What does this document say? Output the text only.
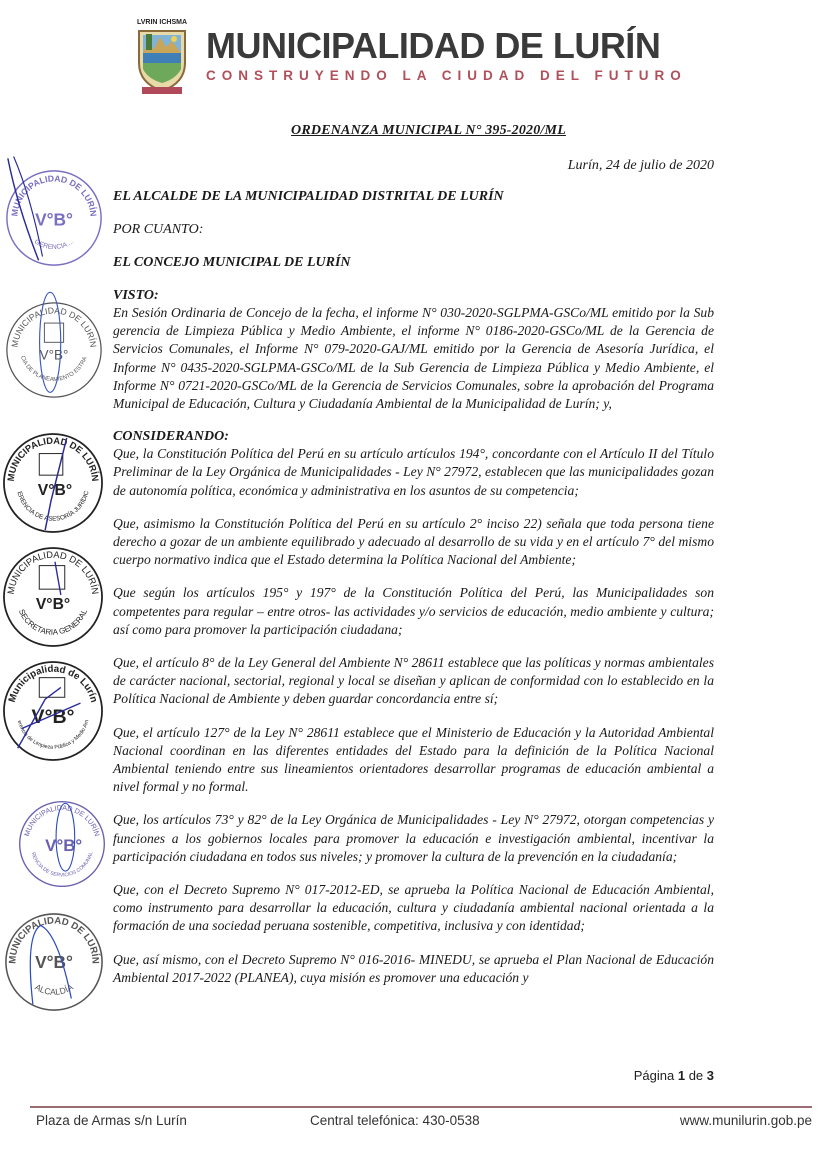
LVRIN ICHSMA
MUNICIPALIDAD DE LURÍN
CONSTRUYENDO LA CIUDAD DEL FUTURO
ORDENANZA MUNICIPAL N° 395-2020/ML
Lurín, 24 de julio de 2020
EL ALCALDE DE LA MUNICIPALIDAD DISTRITAL DE LURÍN
POR CUANTO:
EL CONCEJO MUNICIPAL DE LURÍN
VISTO:
En Sesión Ordinaria de Concejo de la fecha, el informe N° 030-2020-SGLPMA-GSCo/ML emitido por la Sub gerencia de Limpieza Pública y Medio Ambiente, el informe N° 0186-2020-GSCo/ML de la Gerencia de Servicios Comunales, el Informe N° 079-2020-GAJ/ML emitido por la Gerencia de Asesoría Jurídica, el Informe N° 0435-2020-SGLPMA-GSCo/ML de la Sub Gerencia de Limpieza Pública y Medio Ambiente, el Informe N° 0721-2020-GSCo/ML de la Gerencia de Servicios Comunales, sobre la aprobación del Programa Municipal de Educación, Cultura y Ciudadanía Ambiental de la Municipalidad de Lurín; y,
CONSIDERANDO:
Que, la Constitución Política del Perú en su artículo artículos 194°, concordante con el Artículo II del Título Preliminar de la Ley Orgánica de Municipalidades - Ley N° 27972, establecen que las municipalidades gozan de autonomía política, económica y administrativa en los asuntos de su competencia;
Que, asimismo la Constitución Política del Perú en su artículo 2° inciso 22) señala que toda persona tiene derecho a gozar de un ambiente equilibrado y adecuado al desarrollo de su vida y en el artículo 7° del mismo cuerpo normativo indica que el Estado determina la Política Nacional del Ambiente;
Que según los artículos 195° y 197° de la Constitución Política del Perú, las Municipalidades son competentes para regular – entre otros- las actividades y/o servicios de educación, medio ambiente y cultura; así como para promover la participación ciudadana;
Que, el artículo 8° de la Ley General del Ambiente N° 28611 establece que las políticas y normas ambientales de carácter nacional, sectorial, regional y local se diseñan y aplican de conformidad con lo establecido en la Política Nacional de Ambiente y deben guardar concordancia entre sí;
Que, el artículo 127° de la Ley N° 28611 establece que el Ministerio de Educación y la Autoridad Ambiental Nacional coordinan en las diferentes entidades del Estado para la definición de la Política Nacional Ambiental teniendo entre sus lineamientos orientadores desarrollar programas de educación ambiental a nivel formal y no formal.
Que, los artículos 73° y 82° de la Ley Orgánica de Municipalidades - Ley N° 27972, otorgan competencias y funciones a los gobiernos locales para promover la educación e investigación ambiental, incentivar la participación ciudadana en todos sus niveles; y promover la cultura de la prevención en la ciudadanía;
Que, con el Decreto Supremo N° 017-2012-ED, se aprueba la Política Nacional de Educación Ambiental, como instrumento para desarrollar la educación, cultura y ciudadanía ambiental nacional orientada a la formación de una sociedad peruana sostenible, competitiva, inclusiva y con identidad;
Que, así mismo, con el Decreto Supremo N° 016-2016- MINEDU, se aprueba el Plan Nacional de Educación Ambiental 2017-2022 (PLANEA), cuya misión es promover una educación y
Página 1 de 3
Plaza de Armas s/n Lurín	Central telefónica: 430-0538	www.munilurin.gob.pe
MUNICIPALIDAD DE LURÍN
GERENCIA ...
V°B°
MUNICIPALIDAD DE LURÍN
GERENCIA DE PLANEAMIENTO ESTRATÉGICO
V°B°
MUNICIPALIDAD DE LURÍN
GERENCIA DE ASESORÍA JURÍDICA
V°B°
MUNICIPALIDAD DE LURÍN
SECRETARIA GENERAL
V°B°
Municipalidad de Lurín
Sub Gerencia de Limpieza Pública y Medio Ambiente
V°B°
MUNICIPALIDAD DE LURÍN
GERENCIA DE SERVICIOS COMUNALES
V°B°
MUNICIPALIDAD DE LURÍN
ALCALDÍA
V°B°
